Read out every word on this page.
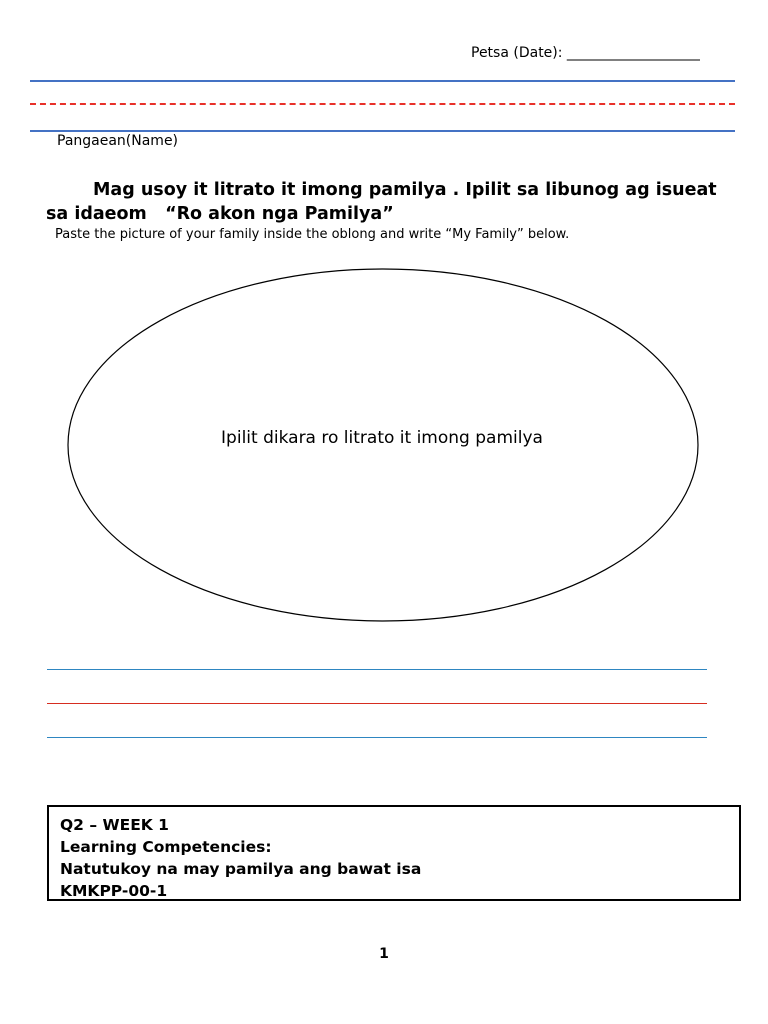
Petsa (Date): ___________________
Pangaean(Name)
Mag usoy it litrato it imong pamilya . Ipilit sa libunog ag isueat sa idaeom “Ro akon nga Pamilya”
Paste the picture of your family inside the oblong and write “My Family” below.
Ipilit dikara ro litrato it imong pamilya
Q2 – WEEK 1
Learning Competencies:
Natutukoy na may pamilya ang bawat isa
KMKPP-00-1
1
